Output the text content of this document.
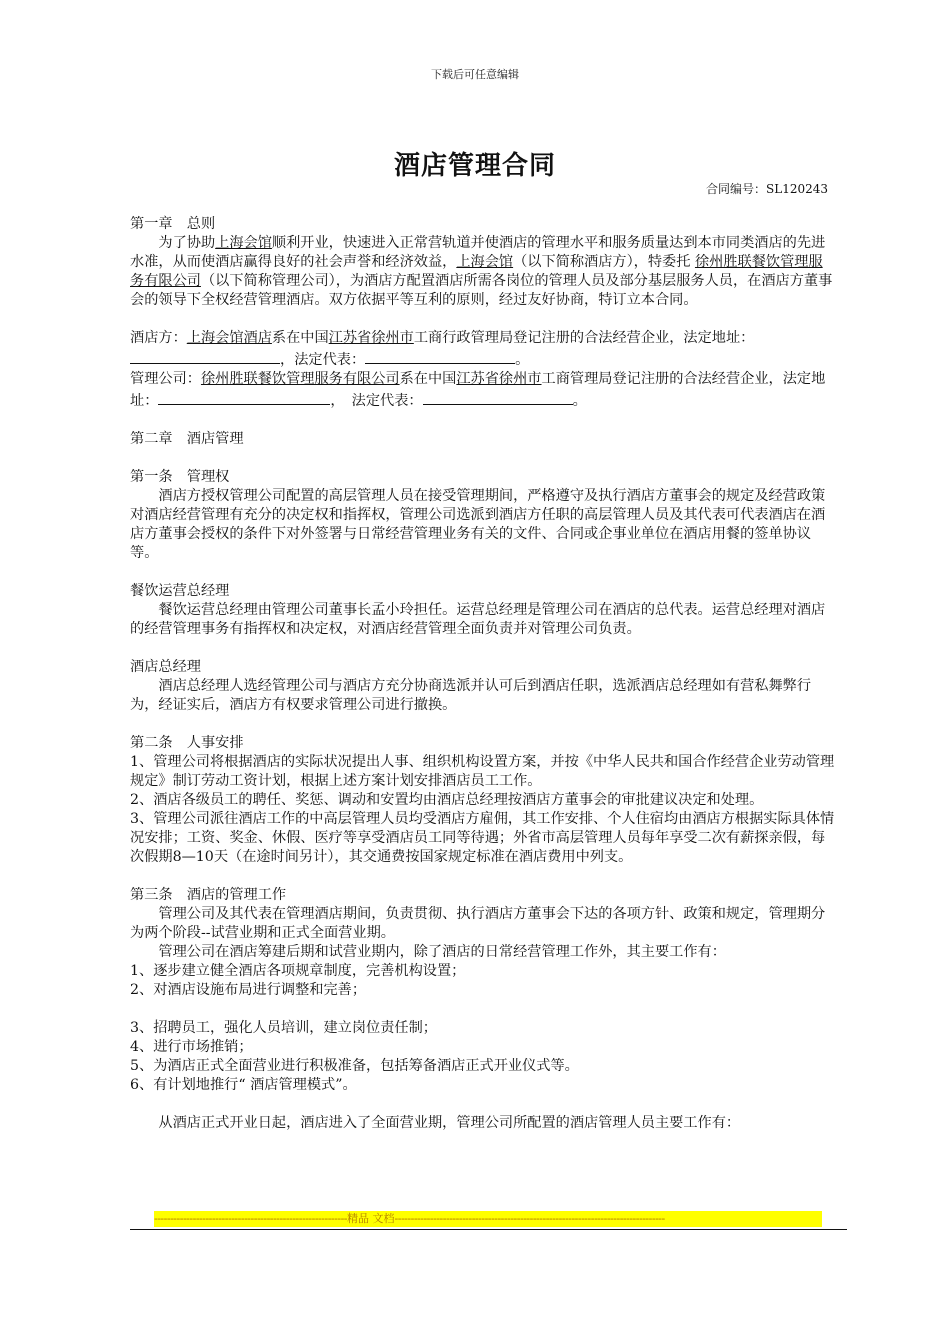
下载后可任意编辑
酒店管理合同
合同编号：SL120243

第一章　总则

为了协助上海会馆顺利开业，快速进入正常营轨道并使酒店的管理水平和服务质量达到本市同类酒店的先进水准，从而使酒店赢得良好的社会声誉和经济效益，上海会馆（以下简称酒店方），特委托 徐州胜联餐饮管理服务有限公司（以下简称管理公司），为酒店方配置酒店所需各岗位的管理人员及部分基层服务人员，在酒店方董事会的领导下全权经营管理酒店。双方依据平等互利的原则，经过友好协商，特订立本合同。

酒店方：上海会馆酒店系在中国江苏省徐州市工商行政管理局登记注册的合法经营企业，法定地址：，法定代表：	。

管理公司：徐州胜联餐饮管理服务有限公司系在中国江苏省徐州市工商管理局登记注册的合法经营企业，法定地址：	，　法定代表：	。

第二章　酒店管理

第一条　管理权

酒店方授权管理公司配置的高层管理人员在接受管理期间，严格遵守及执行酒店方董事会的规定及经营政策对酒店经营管理有充分的决定权和指挥权，管理公司选派到酒店方任职的高层管理人员及其代表可代表酒店在酒店方董事会授权的条件下对外签署与日常经营管理业务有关的文件、合同或企事业单位在酒店用餐的签单协议等。

餐饮运营总经理

餐饮运营总经理由管理公司董事长孟小玲担任。运营总经理是管理公司在酒店的总代表。运营总经理对酒店的经营管理事务有指挥权和决定权，对酒店经营管理全面负责并对管理公司负责。

酒店总经理

酒店总经理人选经管理公司与酒店方充分协商选派并认可后到酒店任职，选派酒店总经理如有营私舞弊行为，经证实后，酒店方有权要求管理公司进行撤换。

第二条　人事安排

1、管理公司将根据酒店的实际状况提出人事、组织机构设置方案，并按《中华人民共和国合作经营企业劳动管理规定》制订劳动工资计划，根据上述方案计划安排酒店员工工作。

2、酒店各级员工的聘任、奖惩、调动和安置均由酒店总经理按酒店方董事会的审批建议决定和处理。

3、管理公司派往酒店工作的中高层管理人员均受酒店方雇佣，其工作安排、个人住宿均由酒店方根据实际具体情况安排；工资、奖金、休假、医疗等享受酒店员工同等待遇；外省市高层管理人员每年享受二次有薪探亲假，每次假期8—10天（在途时间另计），其交通费按国家规定标准在酒店费用中列支。

第三条　酒店的管理工作

管理公司及其代表在管理酒店期间，负责贯彻、执行酒店方董事会下达的各项方针、政策和规定，管理期分为两个阶段--试营业期和正式全面营业期。

管理公司在酒店筹建后期和试营业期内，除了酒店的日常经营管理工作外，其主要工作有：

1、逐步建立健全酒店各项规章制度，完善机构设置；

2、对酒店设施布局进行调整和完善；

3、招聘员工，强化人员培训，建立岗位责任制；

4、进行市场推销；

5、为酒店正式全面营业进行积极准备，包括筹备酒店正式开业仪式等。

6、有计划地推行“ 酒店管理模式”。

从酒店正式开业日起，酒店进入了全面营业期，管理公司所配置的酒店管理人员主要工作有：

------------------------------------------------------------精品 文档------------------------------------------------------------------------------------
